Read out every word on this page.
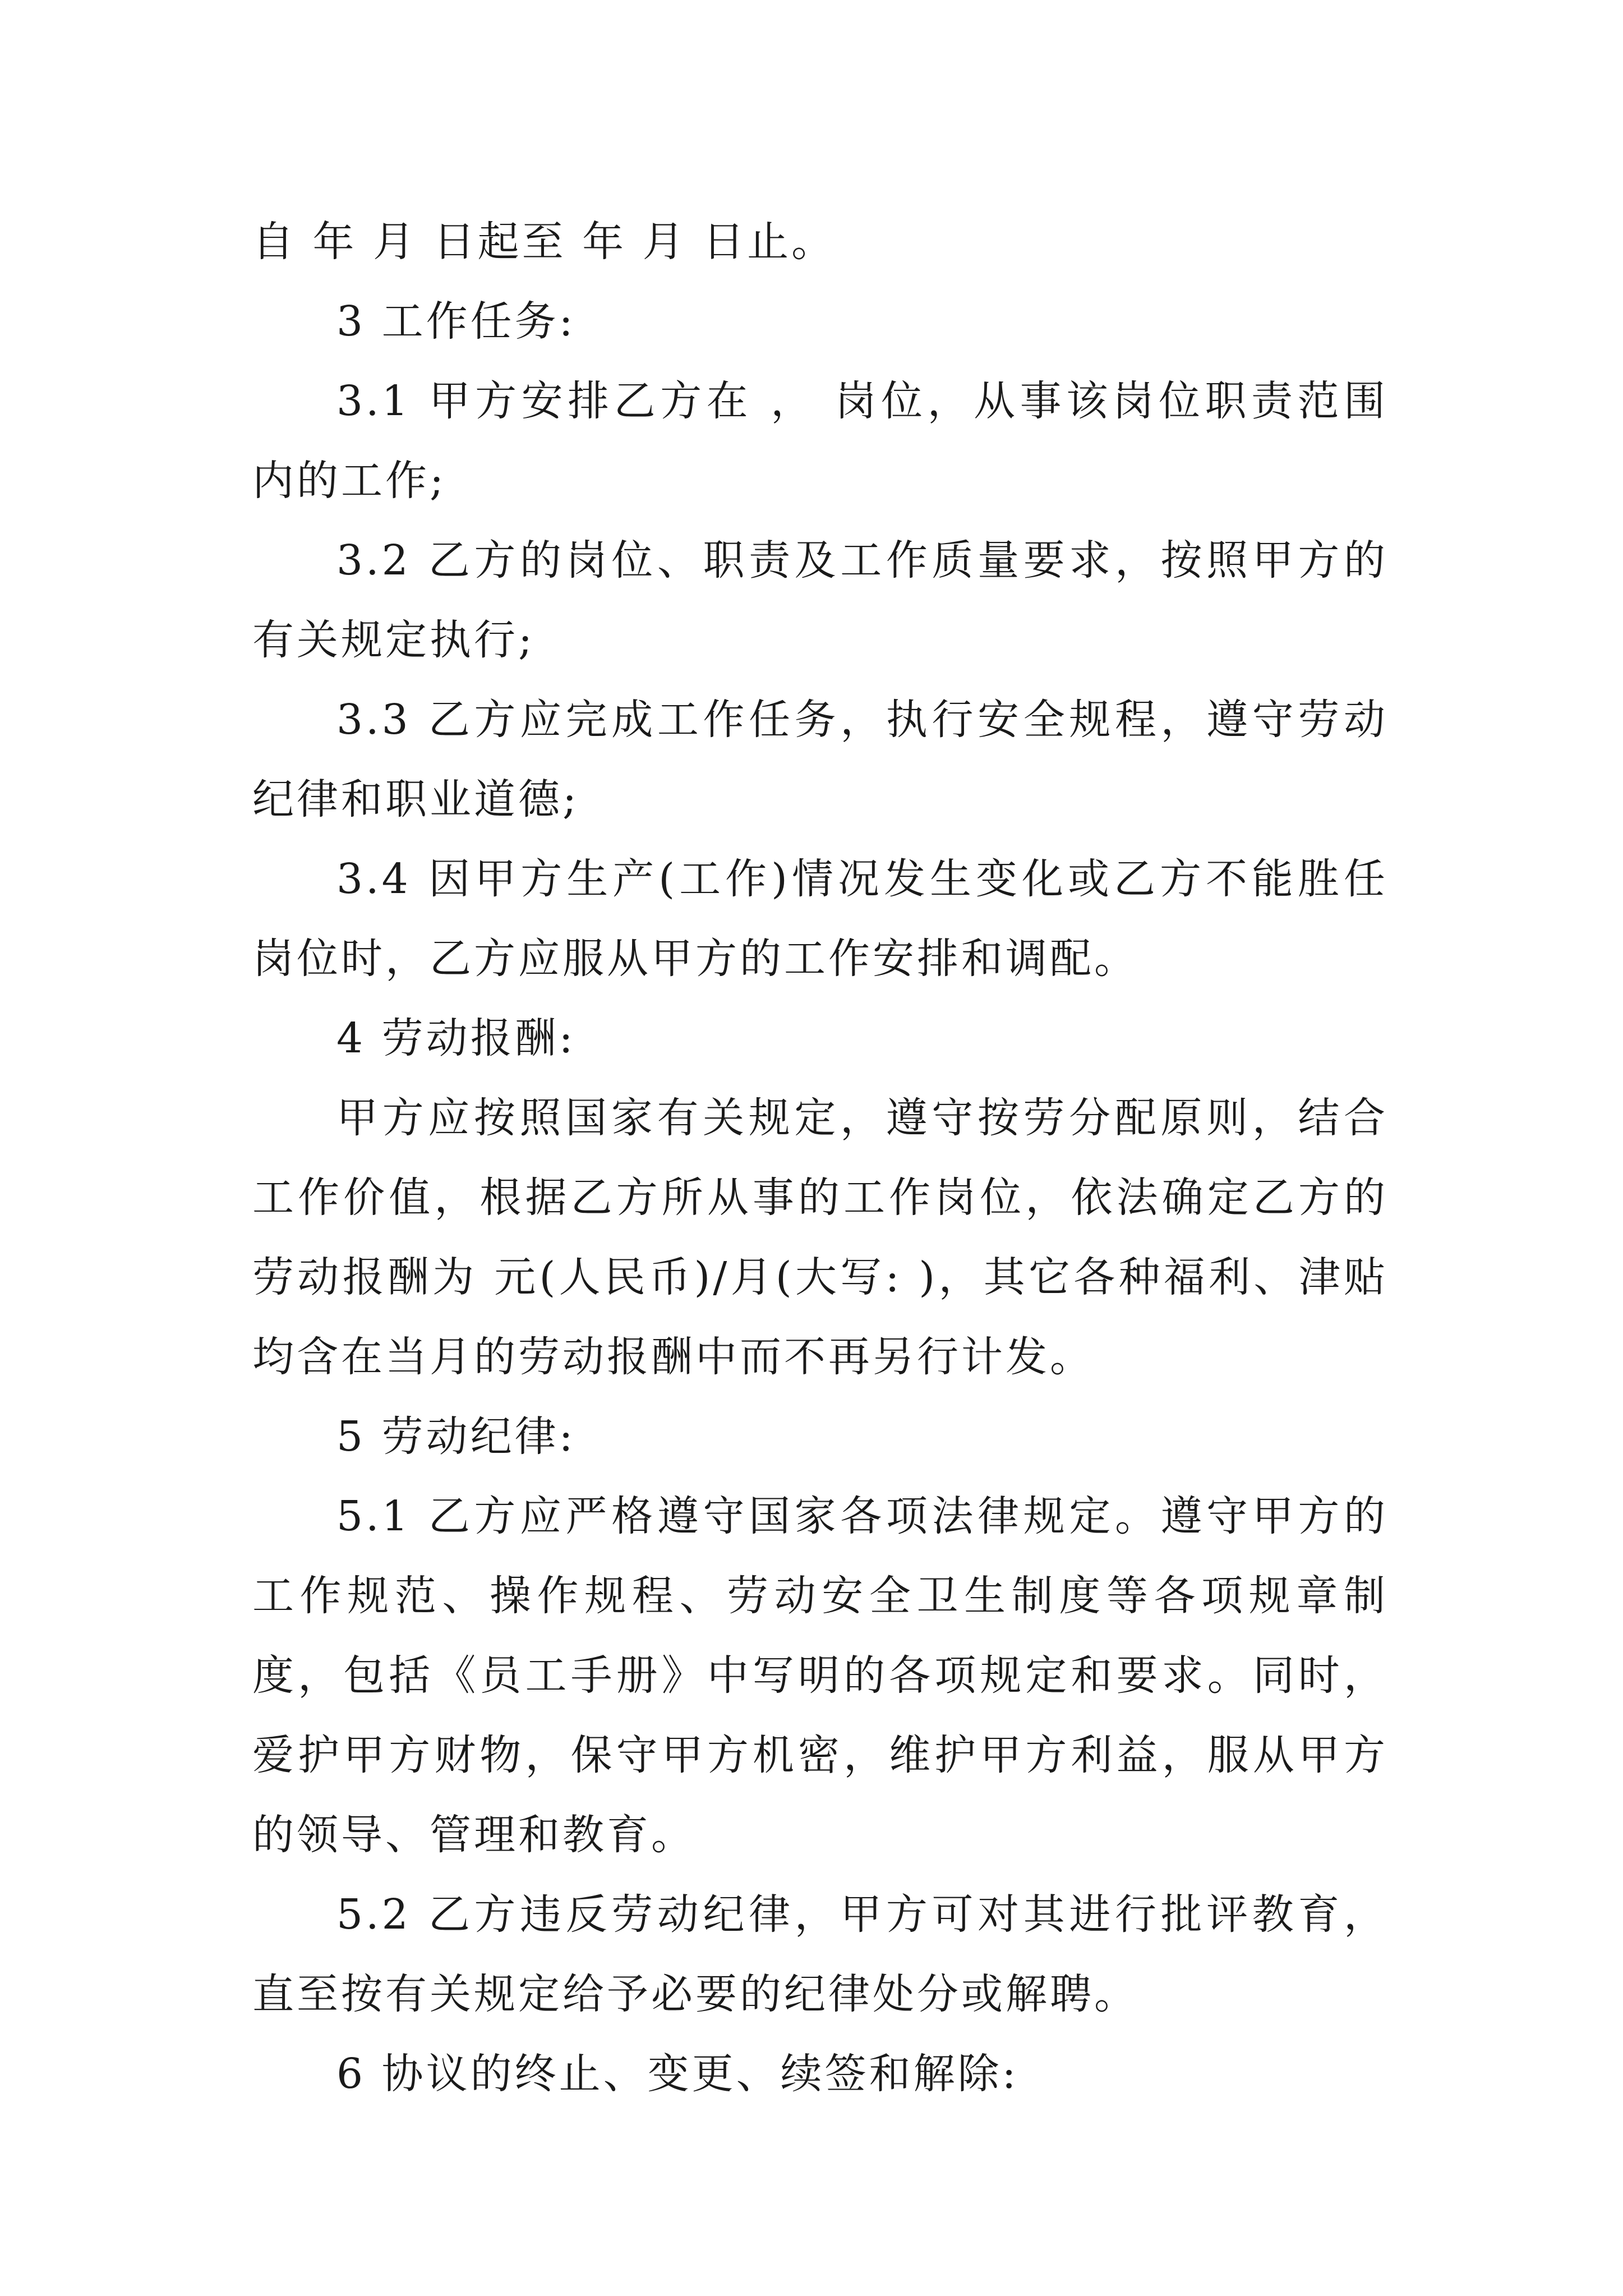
自 年 月 日起至 年 月 日止。

3 工作任务:

3.1 甲方安排乙方在 ， 岗位，从事该岗位职责范围内的工作;

3.2 乙方的岗位、职责及工作质量要求，按照甲方的有关规定执行;

3.3 乙方应完成工作任务，执行安全规程，遵守劳动纪律和职业道德;

3.4 因甲方生产(工作)情况发生变化或乙方不能胜任岗位时，乙方应服从甲方的工作安排和调配。

4 劳动报酬:

甲方应按照国家有关规定，遵守按劳分配原则，结合工作价值，根据乙方所从事的工作岗位，依法确定乙方的劳动报酬为 元(人民币)/月(大写: )，其它各种福利、津贴均含在当月的劳动报酬中而不再另行计发。

5 劳动纪律:

5.1 乙方应严格遵守国家各项法律规定。遵守甲方的工作规范、操作规程、劳动安全卫生制度等各项规章制度，包括《员工手册》中写明的各项规定和要求。同时，爱护甲方财物，保守甲方机密，维护甲方利益，服从甲方的领导、管理和教育。

5.2 乙方违反劳动纪律，甲方可对其进行批评教育，直至按有关规定给予必要的纪律处分或解聘。

6 协议的终止、变更、续签和解除:
